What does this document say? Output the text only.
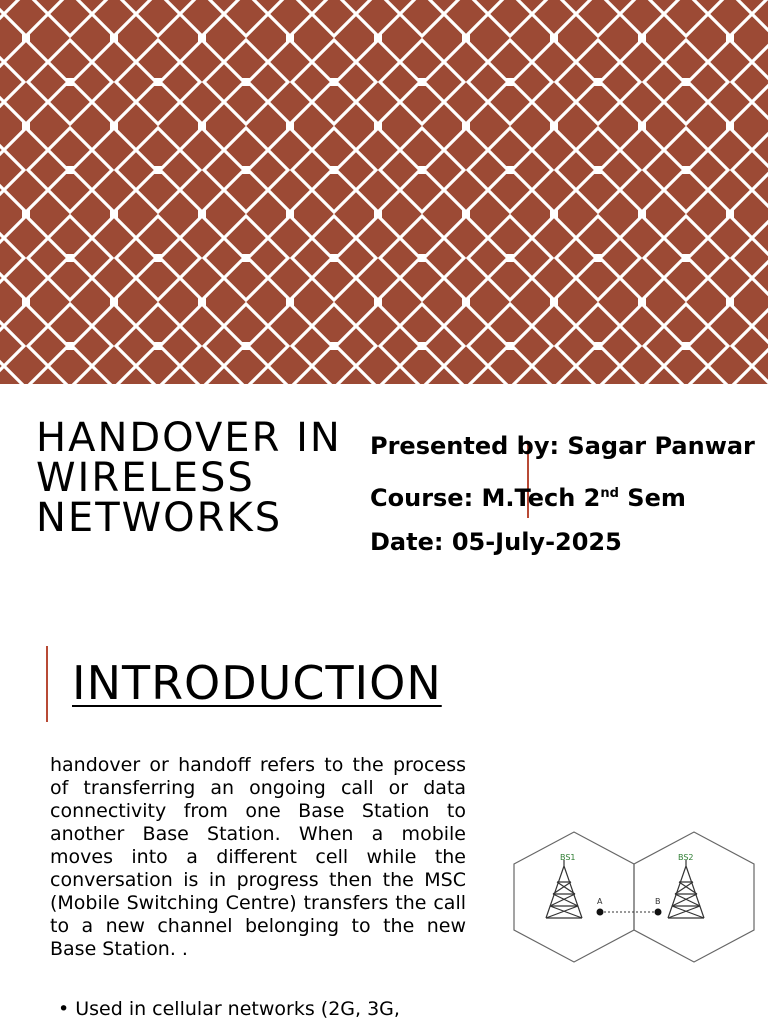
HANDOVER IN WIRELESS NETWORKS
Presented by: Sagar Panwar
Course: M.Tech 2nd Sem
Date: 05-July-2025
INTRODUCTION

handover or handoff refers to the process of transferring an ongoing call or data connectivity from one Base Station to another Base Station. When a mobile moves into a different cell while the conversation is in progress then the MSC (Mobile Switching Centre) transfers the call to a new channel belonging to the new Base Station. .

• Used in cellular networks (2G, 3G,
BS1	BS2
A	B
